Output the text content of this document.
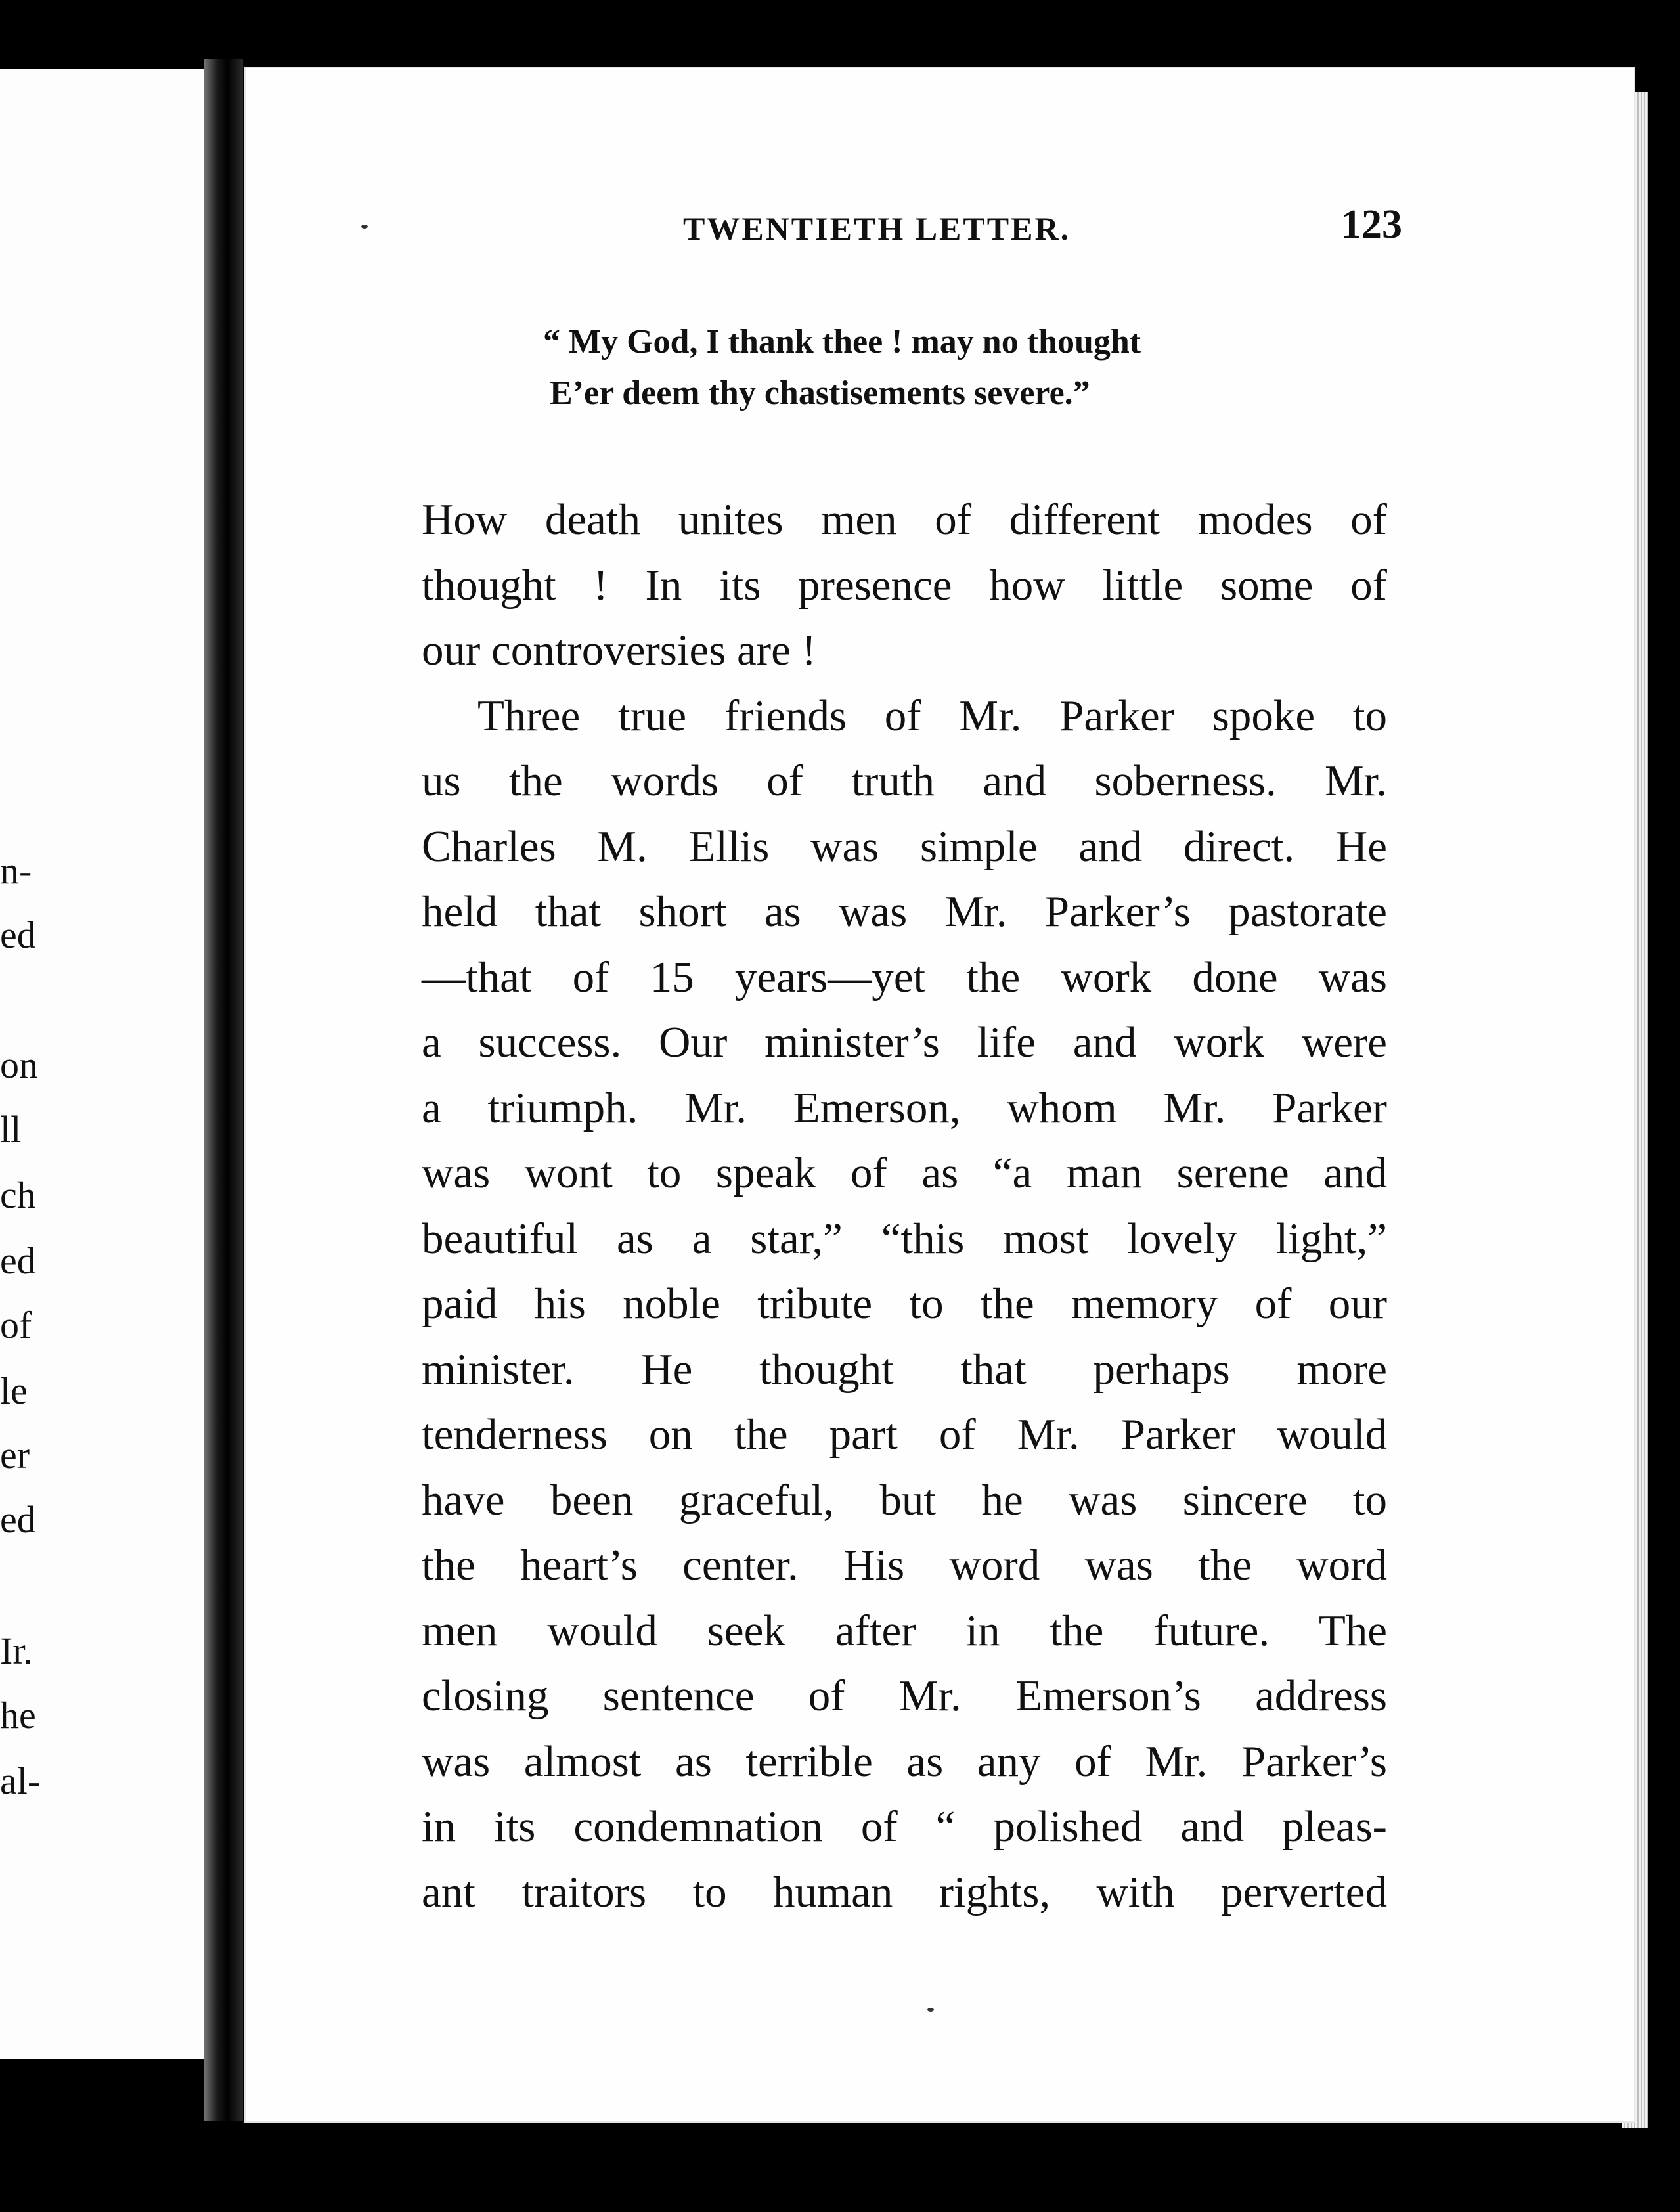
n-
ed
on
ll
ch
ed
of
le
er
ed
Ir.
he
al-
TWENTIETH LETTER.	123
“ My God, I thank thee ! may no thought
E’er deem thy chastisements severe.”
How death unites men of different modes of
thought ! In its presence how little some of
our controversies are !
Three true friends of Mr. Parker spoke to
us the words of truth and soberness. Mr.
Charles M. Ellis was simple and direct. He
held that short as was Mr. Parker’s pastorate
—that of 15 years—yet the work done was
a success. Our minister’s life and work were
a triumph. Mr. Emerson, whom Mr. Parker
was wont to speak of as “a man serene and
beautiful as a star,” “this most lovely light,”
paid his noble tribute to the memory of our
minister. He thought that perhaps more
tenderness on the part of Mr. Parker would
have been graceful, but he was sincere to
the heart’s center. His word was the word
men would seek after in the future. The
closing sentence of Mr. Emerson’s address
was almost as terrible as any of Mr. Parker’s
in its condemnation of “ polished and pleas-
ant traitors to human rights, with perverted
